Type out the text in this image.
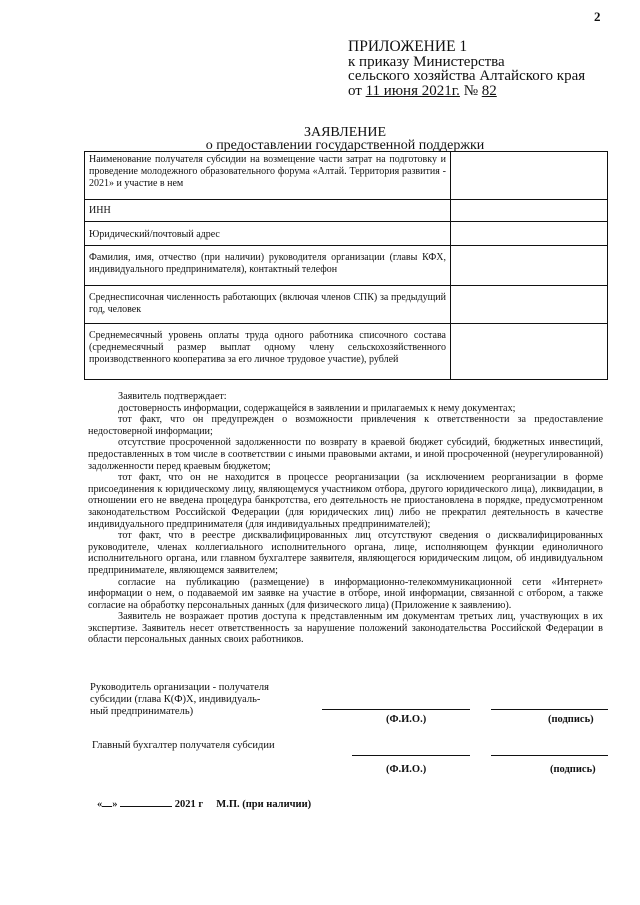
2
ПРИЛОЖЕНИЕ 1
к приказу Министерства
сельского хозяйства Алтайского края
от 11 июня 2021г. № 82
ЗАЯВЛЕНИЕ
о предоставлении государственной поддержки
Наименование получателя субсидии на возмещение части затрат на подготовку и проведение молодежного образовательного форума «Алтай. Территория развития - 2021» и участие в нем	
ИНН	
Юридический/почтовый адрес	
Фамилия, имя, отчество (при наличии) руководителя организации (главы КФХ, индивидуального предпринимателя), контактный телефон	
Среднесписочная численность работающих (включая членов СПК) за предыдущий год, человек	
Среднемесячный уровень оплаты труда одного работника списочного состава (среднемесячный размер выплат одному члену сельскохозяйственного производственного кооператива за его личное трудовое участие), рублей	

Заявитель подтверждает:

достоверность информации, содержащейся в заявлении и прилагаемых к нему документах;

тот факт, что он предупрежден о возможности привлечения к ответственности за предоставление недостоверной информации;

отсутствие просроченной задолженности по возврату в краевой бюджет субсидий, бюджетных инвестиций, предоставленных в том числе в соответствии с иными правовыми актами, и иной просроченной (неурегулированной) задолженности перед краевым бюджетом;

тот факт, что он не находится в процессе реорганизации (за исключением реорганизации в форме присоединения к юридическому лицу, являющемуся участником отбора, другого юридического лица), ликвидации, в отношении его не введена процедура банкротства, его деятельность не приостановлена в порядке, предусмотренном законодательством Российской Федерации (для юридических лиц) либо не прекратил деятельность в качестве индивидуального предпринимателя (для индивидуальных предпринимателей);

тот факт, что в реестре дисквалифицированных лиц отсутствуют сведения о дисквалифицированных руководителе, членах коллегиального исполнительного органа, лице, исполняющем функции единоличного исполнительного органа, или главном бухгалтере заявителя, являющегося юридическим лицом, об индивидуальном предпринимателе, являющемся заявителем;

согласие на публикацию (размещение) в информационно-телекоммуникационной сети «Интернет» информации о нем, о подаваемой им заявке на участие в отборе, иной информации, связанной с отбором, а также согласие на обработку персональных данных (для физического лица) (Приложение к заявлению).

Заявитель не возражает против доступа к представленным им документам третьих лиц, участвующих в их экспертизе. Заявитель несет ответственность за нарушение положений законодательства Российской Федерации в области персональных данных своих работников.

Руководитель организации - получателя
субсидии (глава К(Ф)Х, индивидуаль-
ный предприниматель)
(Ф.И.О.)	(подпись)
Главный бухгалтер получателя субсидии
(Ф.И.О.)	(подпись)
« »	2021 г М.П. (при наличии)
